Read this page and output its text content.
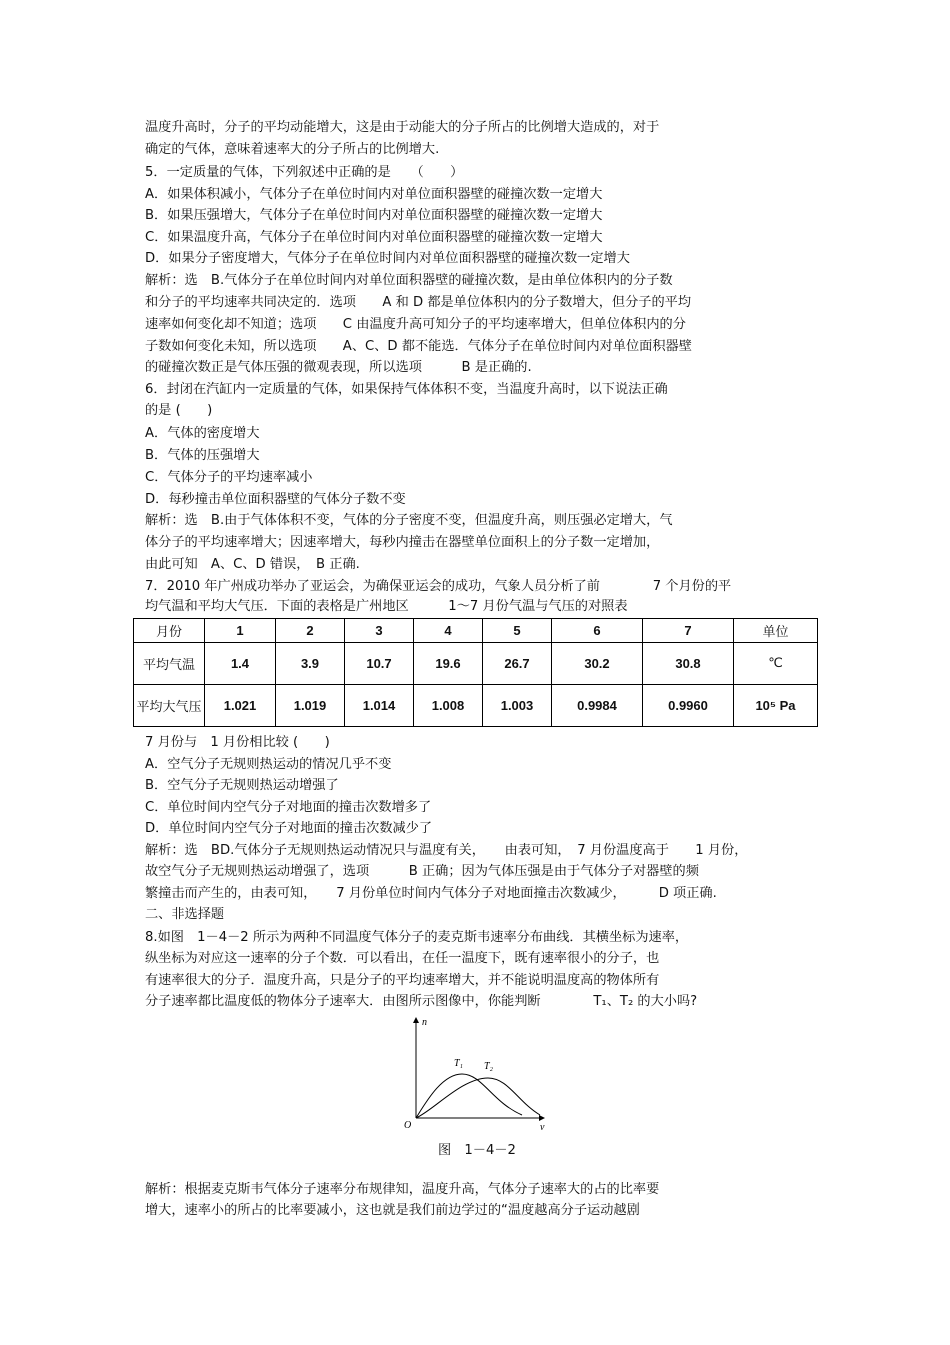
温度升高时，分子的平均动能增大，这是由于动能大的分子所占的比例增大造成的，对于
确定的气体，意味着速率大的分子所占的比例增大.
5．一定质量的气体，下列叙述中正确的是　　（　　）
A．如果体积减小，气体分子在单位时间内对单位面积器壁的碰撞次数一定增大
B．如果压强增大，气体分子在单位时间内对单位面积器壁的碰撞次数一定增大
C．如果温度升高，气体分子在单位时间内对单位面积器壁的碰撞次数一定增大
D．如果分子密度增大，气体分子在单位时间内对单位面积器壁的碰撞次数一定增大
解析：选　B.气体分子在单位时间内对单位面积器壁的碰撞次数，是由单位体积内的分子数
和分子的平均速率共同决定的．选项　　A 和 D 都是单位体积内的分子数增大，但分子的平均
速率如何变化却不知道；选项　　C 由温度升高可知分子的平均速率增大，但单位体积内的分
子数如何变化未知，所以选项　　A、C、D 都不能选．气体分子在单位时间内对单位面积器壁
的碰撞次数正是气体压强的微观表现，所以选项　　　B 是正确的.
6．封闭在汽缸内一定质量的气体，如果保持气体体积不变，当温度升高时，以下说法正确
的是 (　　)
A．气体的密度增大
B．气体的压强增大
C．气体分子的平均速率减小
D．每秒撞击单位面积器壁的气体分子数不变
解析：选　B.由于气体体积不变，气体的分子密度不变，但温度升高，则压强必定增大，气
体分子的平均速率增大；因速率增大，每秒内撞击在器壁单位面积上的分子数一定增加，
由此可知　A、C、D 错误，　B 正确.
7．2010 年广州成功举办了亚运会，为确保亚运会的成功，气象人员分析了前　　　　7 个月份的平
均气温和平均大气压．下面的表格是广州地区　　　1～7 月份气温与气压的对照表
月份	1	2	3	4	5	6	7	单位
平均气温	1.4	3.9	10.7	19.6	26.7	30.2	30.8	℃
平均大气压	1.021	1.019	1.014	1.008	1.003	0.9984	0.9960	10⁵ Pa
7 月份与　1 月份相比较 (　　)
A．空气分子无规则热运动的情况几乎不变
B．空气分子无规则热运动增强了
C．单位时间内空气分子对地面的撞击次数增多了
D．单位时间内空气分子对地面的撞击次数减少了
解析：选　BD.气体分子无规则热运动情况只与温度有关，　　由表可知，　7 月份温度高于　　1 月份，
故空气分子无规则热运动增强了，选项　　　B 正确；因为气体压强是由于气体分子对器壁的频
繁撞击而产生的，由表可知，　　7 月份单位时间内气体分子对地面撞击次数减少，　　　D 项正确.
二、非选择题
8.如图　1－4－2 所示为两种不同温度气体分子的麦克斯韦速率分布曲线．其横坐标为速率，
纵坐标为对应这一速率的分子个数．可以看出，在任一温度下，既有速率很小的分子，也
有速率很大的分子．温度升高，只是分子的平均速率增大，并不能说明温度高的物体所有
分子速率都比温度低的物体分子速率大．由图所示图像中，你能判断　　　　T₁、T₂ 的大小吗?
n
v
O
T₁ T₂
图　1－4－2
解析：根据麦克斯韦气体分子速率分布规律知，温度升高，气体分子速率大的占的比率要
增大，速率小的所占的比率要减小，这也就是我们前边学过的“温度越高分子运动越剧
